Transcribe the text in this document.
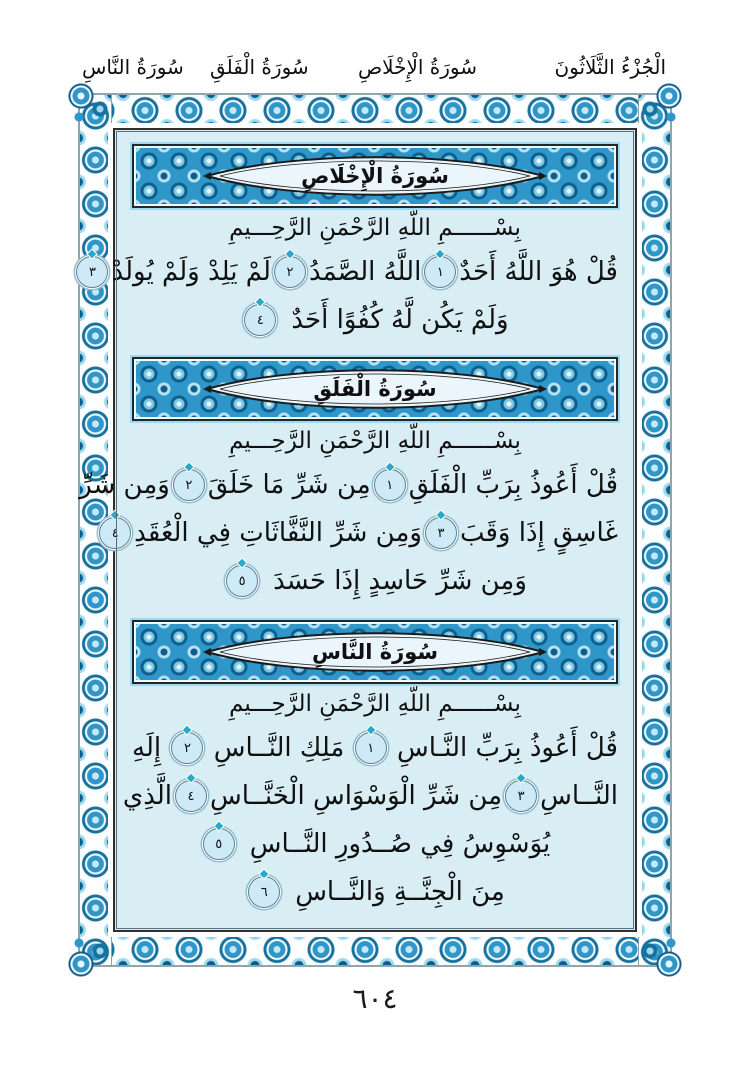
الْجُزْءُ الثَّلَاثُونَ
سُورَةُ الْإِخْلَاصِ
سُورَةُ الْفَلَقِ
سُورَةُ النَّاسِ
سُورَةُ الْإِخْلَاصِ
بِسْــــــمِ اللَّهِ الرَّحْمَنِ الرَّحِـــيمِ
قُلْ هُوَ اللَّهُ أَحَدٌ
١
اللَّهُ الصَّمَدُ
٢
لَمْ يَلِدْ وَلَمْ يُولَدْ
٣
وَلَمْ يَكُن لَّهُ كُفُوًا أَحَدٌ
٤
سُورَةُ الْفَلَقِ
بِسْــــــمِ اللَّهِ الرَّحْمَنِ الرَّحِـــيمِ
قُلْ أَعُوذُ بِرَبِّ الْفَلَقِ
١
مِن شَرِّ مَا خَلَقَ
٢
وَمِن شَرِّ
غَاسِقٍ إِذَا وَقَبَ
٣
وَمِن شَرِّ النَّفَّاثَاتِ فِي الْعُقَدِ
٤
وَمِن شَرِّ حَاسِدٍ إِذَا حَسَدَ
٥
سُورَةُ النَّاسِ
بِسْــــــمِ اللَّهِ الرَّحْمَنِ الرَّحِـــيمِ
قُلْ أَعُوذُ بِرَبِّ النَّـاسِ
١
مَلِكِ النَّــاسِ
٢
إِلَهِ
النَّــاسِ
٣
مِن شَرِّ الْوَسْوَاسِ الْخَنَّــاسِ
٤
الَّذِي
يُوَسْوِسُ فِي صُــدُورِ النَّــاسِ
٥
مِنَ الْجِنَّــةِ وَالنَّــاسِ
٦
٦٠٤
